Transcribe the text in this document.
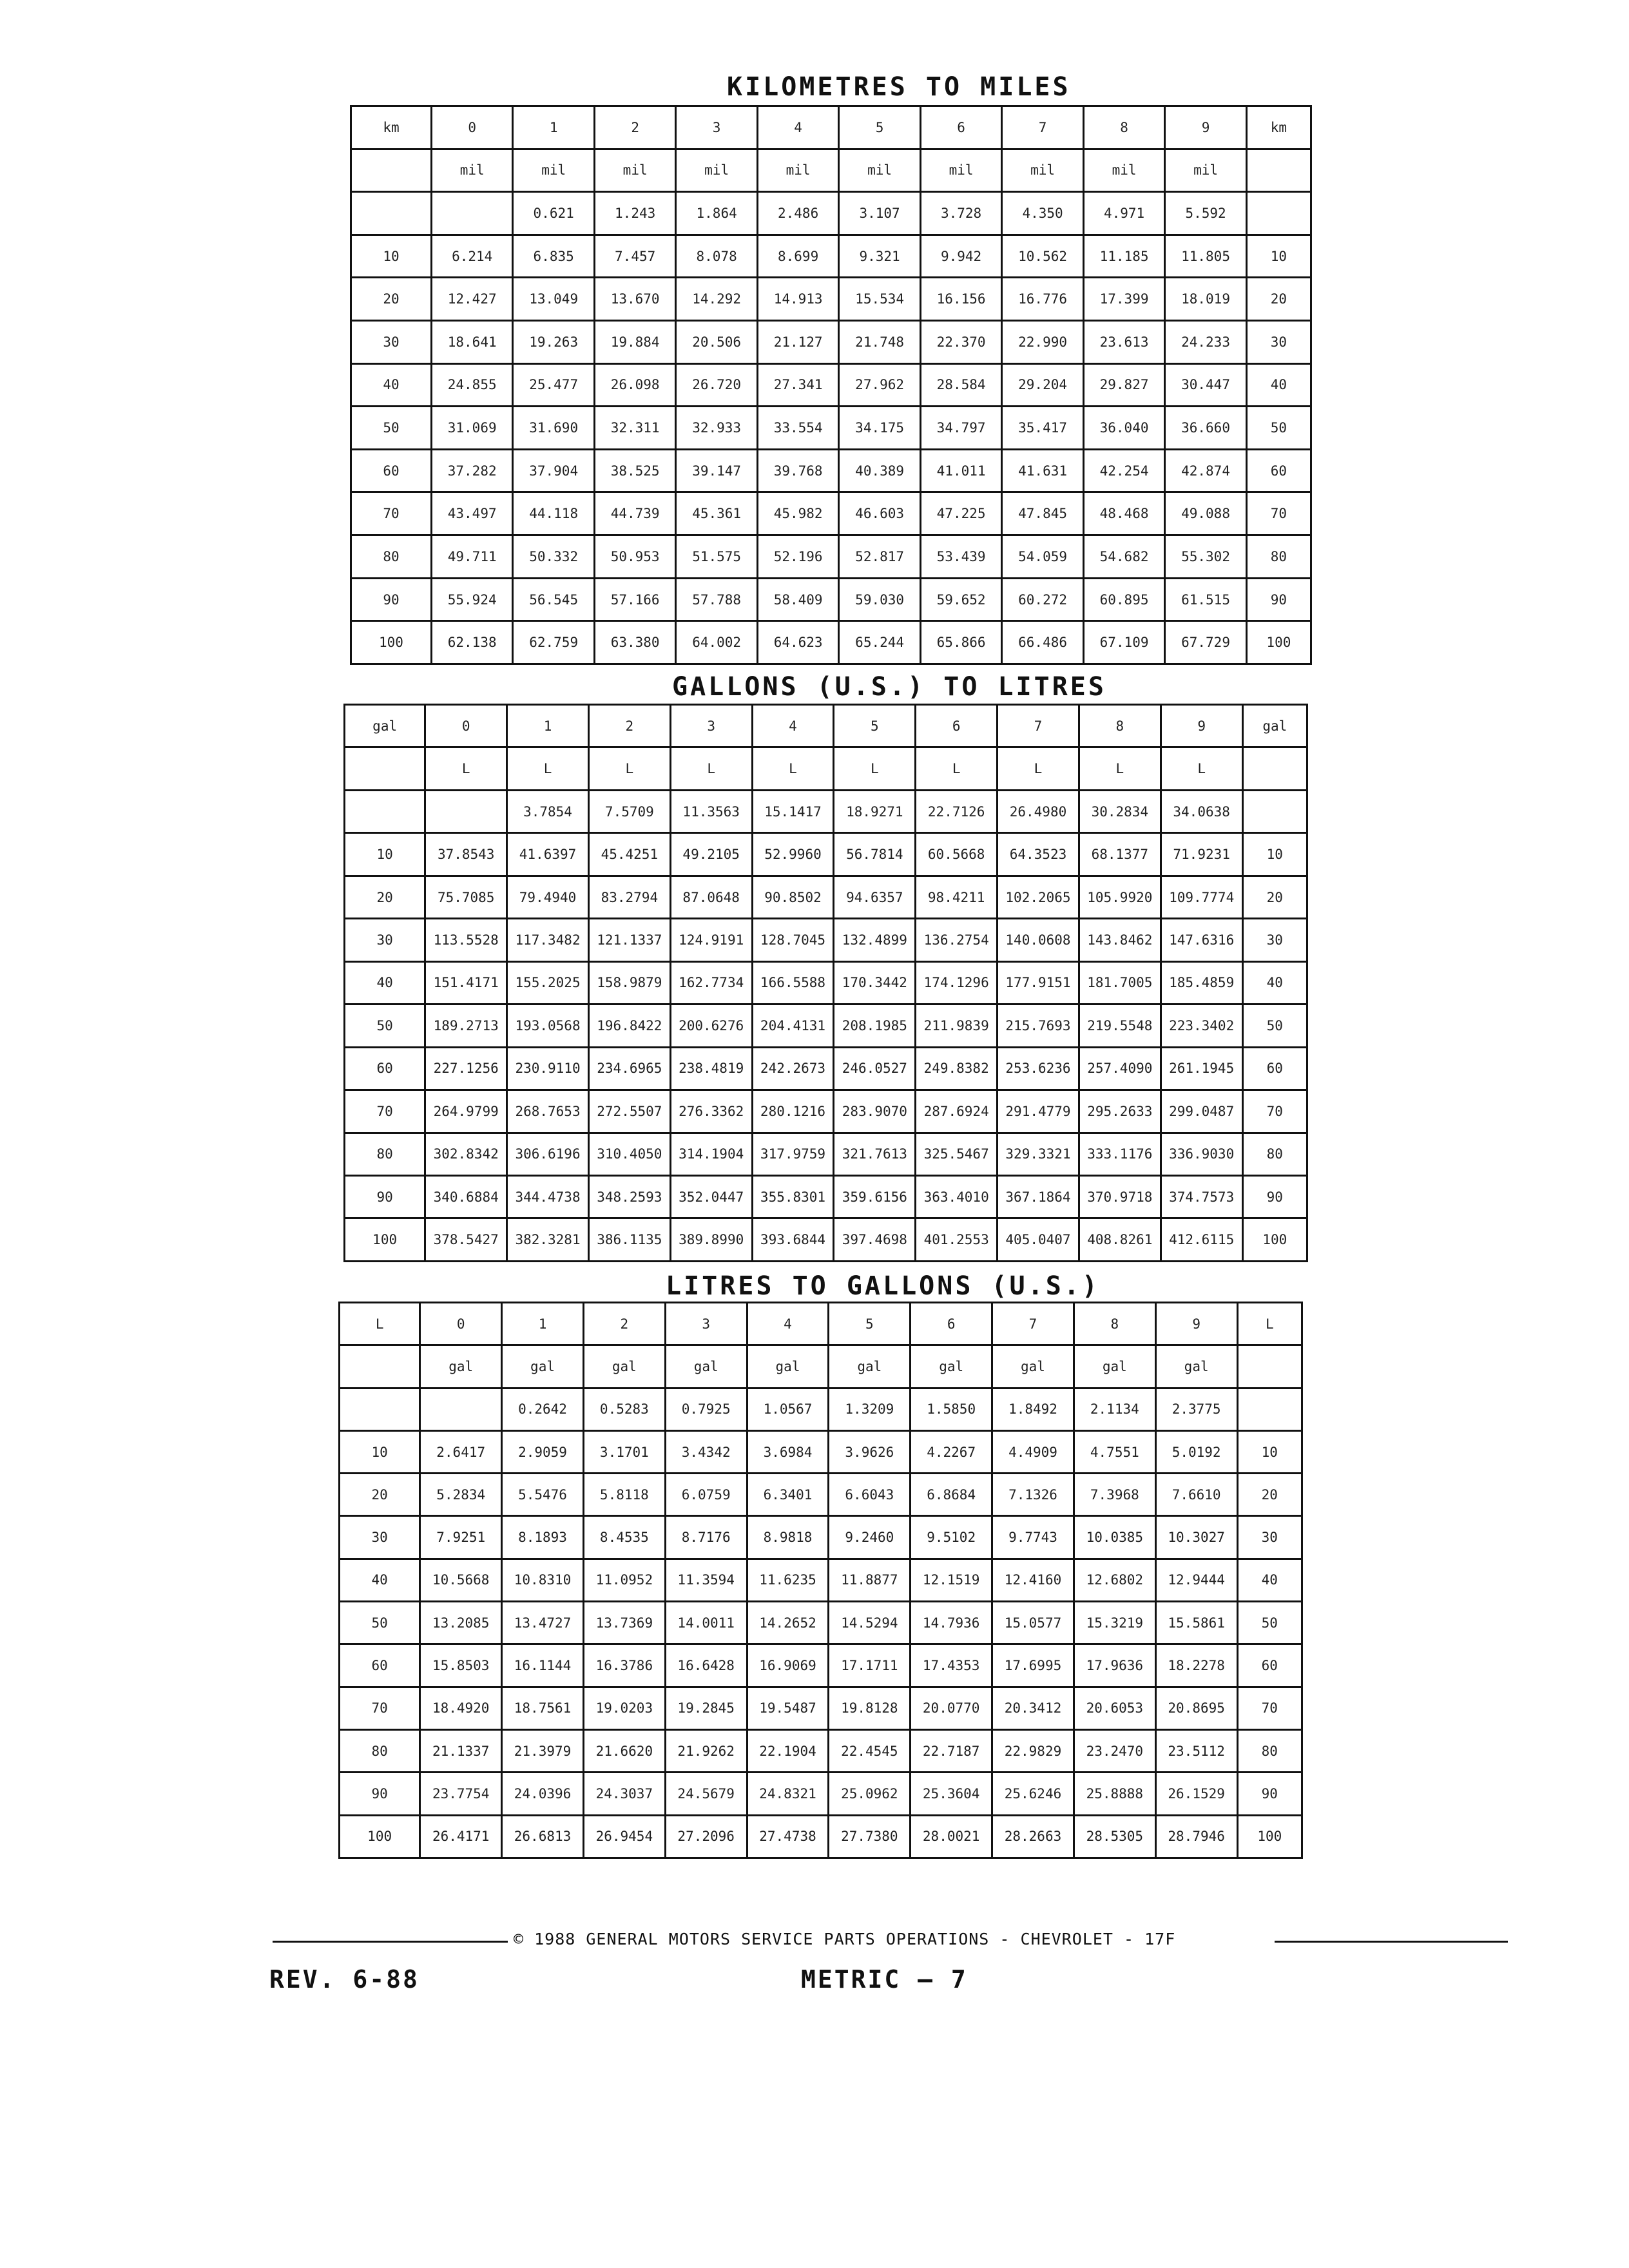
KILOMETRES TO MILES
km	0	1	2	3	4	5	6	7	8	9	km
	mil	mil	mil	mil	mil	mil	mil	mil	mil	mil	
		0.621	1.243	1.864	2.486	3.107	3.728	4.350	4.971	5.592	
10	6.214	6.835	7.457	8.078	8.699	9.321	9.942	10.562	11.185	11.805	10
20	12.427	13.049	13.670	14.292	14.913	15.534	16.156	16.776	17.399	18.019	20
30	18.641	19.263	19.884	20.506	21.127	21.748	22.370	22.990	23.613	24.233	30
40	24.855	25.477	26.098	26.720	27.341	27.962	28.584	29.204	29.827	30.447	40
50	31.069	31.690	32.311	32.933	33.554	34.175	34.797	35.417	36.040	36.660	50
60	37.282	37.904	38.525	39.147	39.768	40.389	41.011	41.631	42.254	42.874	60
70	43.497	44.118	44.739	45.361	45.982	46.603	47.225	47.845	48.468	49.088	70
80	49.711	50.332	50.953	51.575	52.196	52.817	53.439	54.059	54.682	55.302	80
90	55.924	56.545	57.166	57.788	58.409	59.030	59.652	60.272	60.895	61.515	90
100	62.138	62.759	63.380	64.002	64.623	65.244	65.866	66.486	67.109	67.729	100
GALLONS (U.S.) TO LITRES
gal	0	1	2	3	4	5	6	7	8	9	gal
	L	L	L	L	L	L	L	L	L	L	
		3.7854	7.5709	11.3563	15.1417	18.9271	22.7126	26.4980	30.2834	34.0638	
10	37.8543	41.6397	45.4251	49.2105	52.9960	56.7814	60.5668	64.3523	68.1377	71.9231	10
20	75.7085	79.4940	83.2794	87.0648	90.8502	94.6357	98.4211	102.2065	105.9920	109.7774	20
30	113.5528	117.3482	121.1337	124.9191	128.7045	132.4899	136.2754	140.0608	143.8462	147.6316	30
40	151.4171	155.2025	158.9879	162.7734	166.5588	170.3442	174.1296	177.9151	181.7005	185.4859	40
50	189.2713	193.0568	196.8422	200.6276	204.4131	208.1985	211.9839	215.7693	219.5548	223.3402	50
60	227.1256	230.9110	234.6965	238.4819	242.2673	246.0527	249.8382	253.6236	257.4090	261.1945	60
70	264.9799	268.7653	272.5507	276.3362	280.1216	283.9070	287.6924	291.4779	295.2633	299.0487	70
80	302.8342	306.6196	310.4050	314.1904	317.9759	321.7613	325.5467	329.3321	333.1176	336.9030	80
90	340.6884	344.4738	348.2593	352.0447	355.8301	359.6156	363.4010	367.1864	370.9718	374.7573	90
100	378.5427	382.3281	386.1135	389.8990	393.6844	397.4698	401.2553	405.0407	408.8261	412.6115	100
LITRES TO GALLONS (U.S.)
L	0	1	2	3	4	5	6	7	8	9	L
	gal	gal	gal	gal	gal	gal	gal	gal	gal	gal	
		0.2642	0.5283	0.7925	1.0567	1.3209	1.5850	1.8492	2.1134	2.3775	
10	2.6417	2.9059	3.1701	3.4342	3.6984	3.9626	4.2267	4.4909	4.7551	5.0192	10
20	5.2834	5.5476	5.8118	6.0759	6.3401	6.6043	6.8684	7.1326	7.3968	7.6610	20
30	7.9251	8.1893	8.4535	8.7176	8.9818	9.2460	9.5102	9.7743	10.0385	10.3027	30
40	10.5668	10.8310	11.0952	11.3594	11.6235	11.8877	12.1519	12.4160	12.6802	12.9444	40
50	13.2085	13.4727	13.7369	14.0011	14.2652	14.5294	14.7936	15.0577	15.3219	15.5861	50
60	15.8503	16.1144	16.3786	16.6428	16.9069	17.1711	17.4353	17.6995	17.9636	18.2278	60
70	18.4920	18.7561	19.0203	19.2845	19.5487	19.8128	20.0770	20.3412	20.6053	20.8695	70
80	21.1337	21.3979	21.6620	21.9262	22.1904	22.4545	22.7187	22.9829	23.2470	23.5112	80
90	23.7754	24.0396	24.3037	24.5679	24.8321	25.0962	25.3604	25.6246	25.8888	26.1529	90
100	26.4171	26.6813	26.9454	27.2096	27.4738	27.7380	28.0021	28.2663	28.5305	28.7946	100
© 1988 GENERAL MOTORS SERVICE PARTS OPERATIONS - CHEVROLET - 17F
REV. 6-88	METRIC — 7
